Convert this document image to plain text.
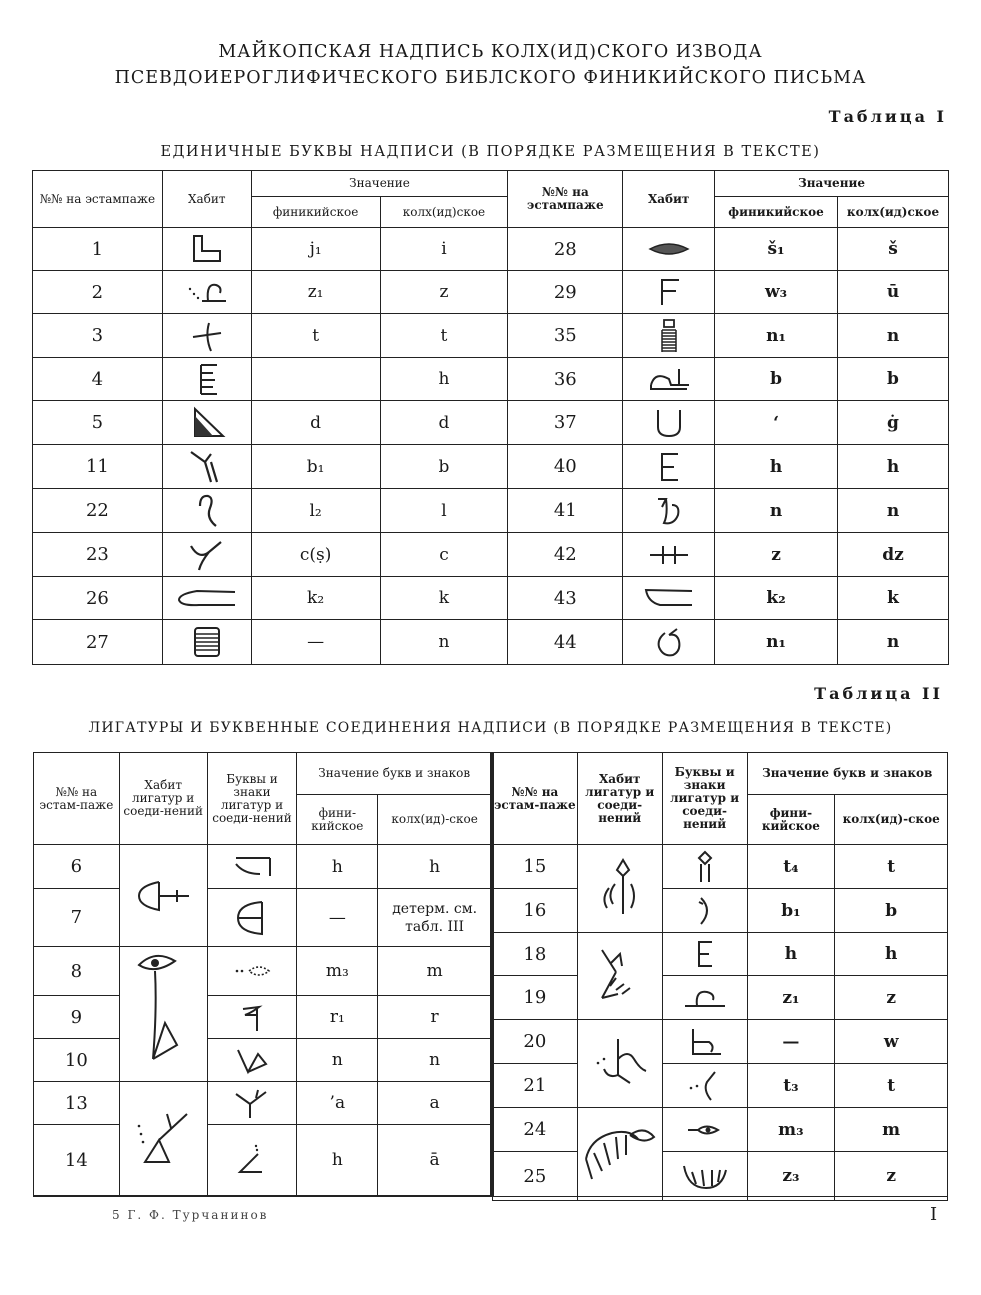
МАЙКОПСКАЯ НАДПИСЬ КОЛХ(ИД)СКОГО ИЗВОДА
ПСЕВДОИЕРОГЛИФИЧЕСКОГО БИБЛСКОГО ФИНИКИЙСКОГО ПИСЬМА
Таблица I
ЕДИНИЧНЫЕ БУКВЫ НАДПИСИ (В ПОРЯДКЕ РАЗМЕЩЕНИЯ В ТЕКСТЕ)
№№ на эстампаже	Хабит	Значение		№№ на эстампаже	Хабит	Значение	
		финикийское	колх(ид)ское			финикийское	колх(ид)ское
1		j₁	i	28		š₁	š
2		z₁	z	29		w₃	ū
3		t	t	35		n₁	n
4			h	36		b	b
5		d	d	37		ʻ	ġ
11		b₁	b	40		h	h
22		l₂	l	41		n	n
23		c(ṣ)	c	42		z	dz
26		k₂	k	43		k₂	k
27		—	n	44		n₁	n
Таблица II
ЛИГАТУРЫ И БУКВЕННЫЕ СОЕДИНЕНИЯ НАДПИСИ (В ПОРЯДКЕ РАЗМЕЩЕНИЯ В ТЕКСТЕ)
№№ на эстам-паже	Хабит лигатур и соеди-нений	Буквы и знаки лигатур и соеди-нений	Значение букв и знаков	
			фини-кийское	колх(ид)-ское
6			h	h
7			—	детерм. см. табл. III
8			m₃	m
9			r₁	r
10			n	n
13			’a	a
14			h	ā
№№ на эстам-паже	Хабит лигатур и соеди-нений	Буквы и знаки лигатур и соеди-нений	Значение букв и знаков	
			фини-кийское	колх(ид)-ское
15			t₄	t
16			b₁	b
18			h	h
19			z₁	z
20			—	w
21			t₃	t
24			m₃	m
25			z₃	z
5 Г. Ф. Турчанинов	I
